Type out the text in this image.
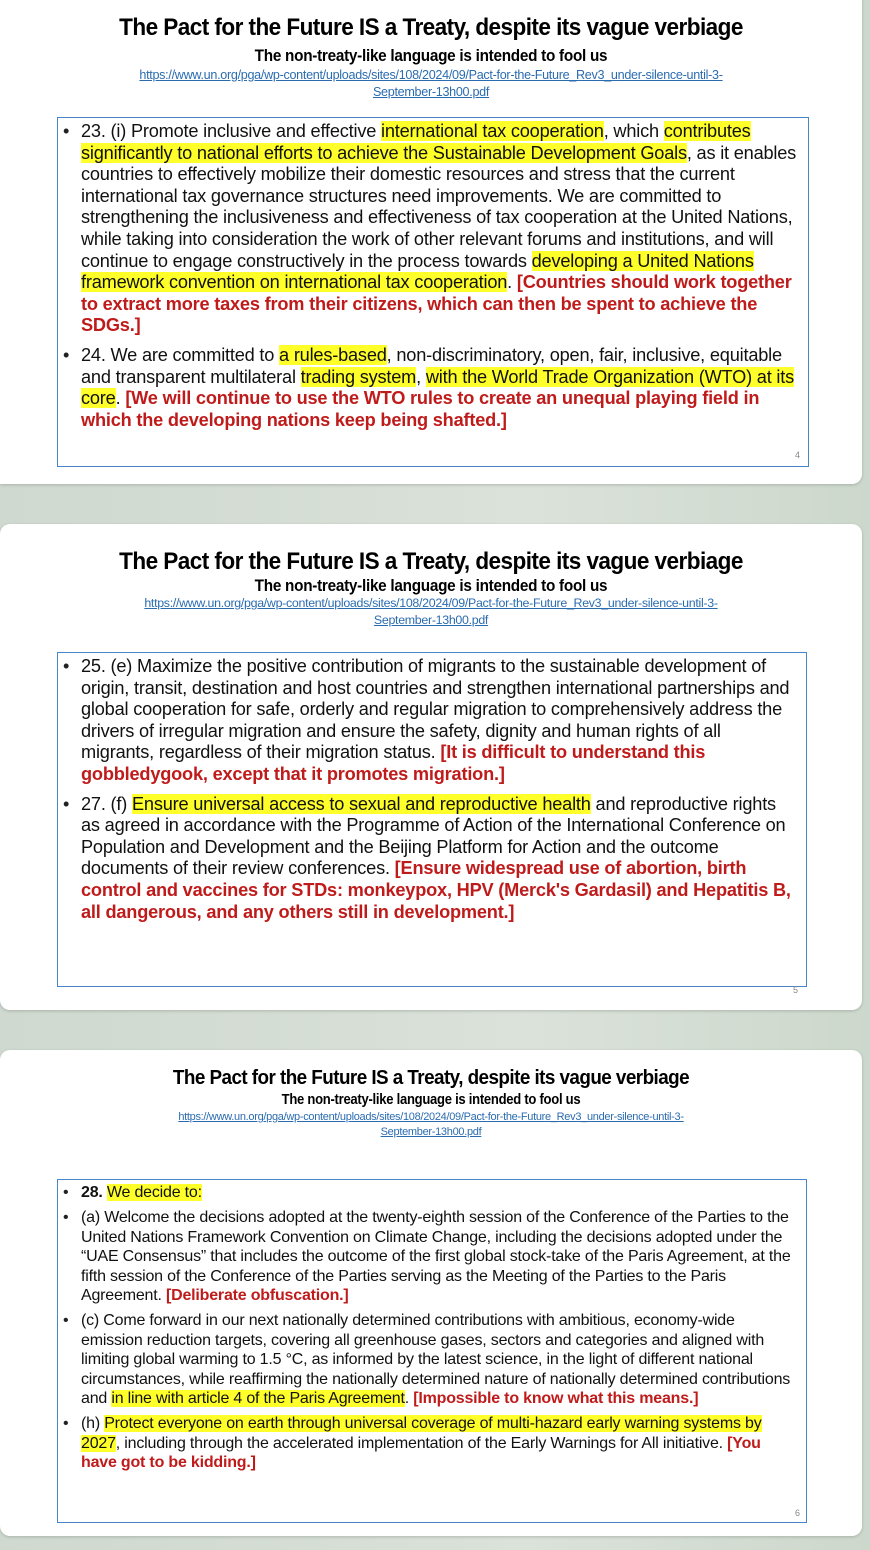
The Pact for the Future IS a Treaty, despite its vague verbiage
The non-treaty-like language is intended to fool us
https://www.un.org/pga/wp-content/uploads/sites/108/2024/09/Pact-for-the-Future_Rev3_under-silence-until-3-
September-13h00.pdf
• 23. (i) Promote inclusive and effective international tax cooperation, which contributes significantly to national efforts to achieve the Sustainable Development Goals, as it enables countries to effectively mobilize their domestic resources and stress that the current international tax governance structures need improvements. We are committed to strengthening the inclusiveness and effectiveness of tax cooperation at the United Nations, while taking into consideration the work of other relevant forums and institutions, and will continue to engage constructively in the process towards developing a United Nations framework convention on international tax cooperation. [Countries should work together to extract more taxes from their citizens, which can then be spent to achieve the SDGs.]
• 24. We are committed to a rules-based, non-discriminatory, open, fair, inclusive, equitable and transparent multilateral trading system, with the World Trade Organization (WTO) at its core. [We will continue to use the WTO rules to create an unequal playing field in which the developing nations keep being shafted.]
4
The Pact for the Future IS a Treaty, despite its vague verbiage
The non-treaty-like language is intended to fool us
https://www.un.org/pga/wp-content/uploads/sites/108/2024/09/Pact-for-the-Future_Rev3_under-silence-until-3-
September-13h00.pdf
• 25. (e) Maximize the positive contribution of migrants to the sustainable development of origin, transit, destination and host countries and strengthen international partnerships and global cooperation for safe, orderly and regular migration to comprehensively address the drivers of irregular migration and ensure the safety, dignity and human rights of all migrants, regardless of their migration status. [It is difficult to understand this gobbledygook, except that it promotes migration.]
• 27. (f) Ensure universal access to sexual and reproductive health and reproductive rights as agreed in accordance with the Programme of Action of the International Conference on Population and Development and the Beijing Platform for Action and the outcome documents of their review conferences. [Ensure widespread use of abortion, birth control and vaccines for STDs: monkeypox, HPV (Merck's Gardasil) and Hepatitis B, all dangerous, and any others still in development.]
5
The Pact for the Future IS a Treaty, despite its vague verbiage
The non-treaty-like language is intended to fool us
https://www.un.org/pga/wp-content/uploads/sites/108/2024/09/Pact-for-the-Future_Rev3_under-silence-until-3-
September-13h00.pdf
• 28. We decide to:
• (a) Welcome the decisions adopted at the twenty-eighth session of the Conference of the Parties to the United Nations Framework Convention on Climate Change, including the decisions adopted under the “UAE Consensus” that includes the outcome of the first global stock-take of the Paris Agreement, at the fifth session of the Conference of the Parties serving as the Meeting of the Parties to the Paris Agreement. [Deliberate obfuscation.]
• (c) Come forward in our next nationally determined contributions with ambitious, economy-wide emission reduction targets, covering all greenhouse gases, sectors and categories and aligned with limiting global warming to 1.5 °C, as informed by the latest science, in the light of different national circumstances, while reaffirming the nationally determined nature of nationally determined contributions and in line with article 4 of the Paris Agreement. [Impossible to know what this means.]
• (h) Protect everyone on earth through universal coverage of multi-hazard early warning systems by 2027, including through the accelerated implementation of the Early Warnings for All initiative. [You have got to be kidding.]
6
